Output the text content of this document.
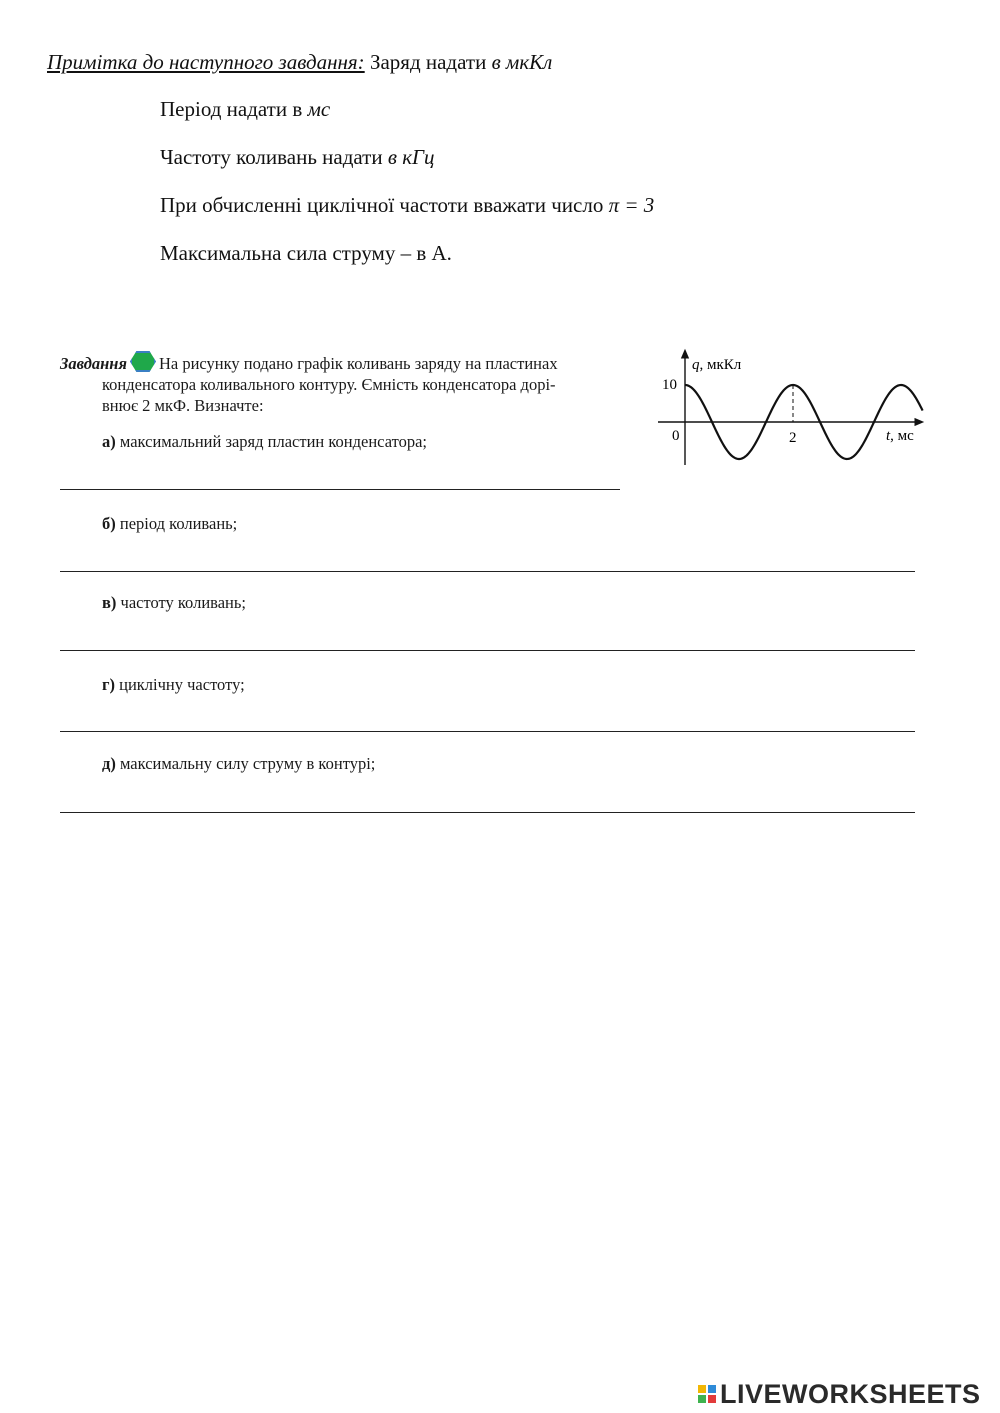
Примітка до наступного завдання: Заряд надати в мкКл
Період надати в мс
Частоту коливань надати в кГц
При обчисленні циклічної частоти вважати число π = 3
Максимальна сила струму – в А.
Завдання На рисунку подано графік коливань заряду на пластинах
конденсатора коливального контуру. Ємність конденсатора дорі-
внює 2 мкФ. Визначте:
а) максимальний заряд пластин конденсатора;
б) період коливань;
в) частоту коливань;
г) циклічну частоту;
д) максимальну силу струму в контурі;
10
0	2
q, мкКл
t, мс
LIVEWORKSHEETS
